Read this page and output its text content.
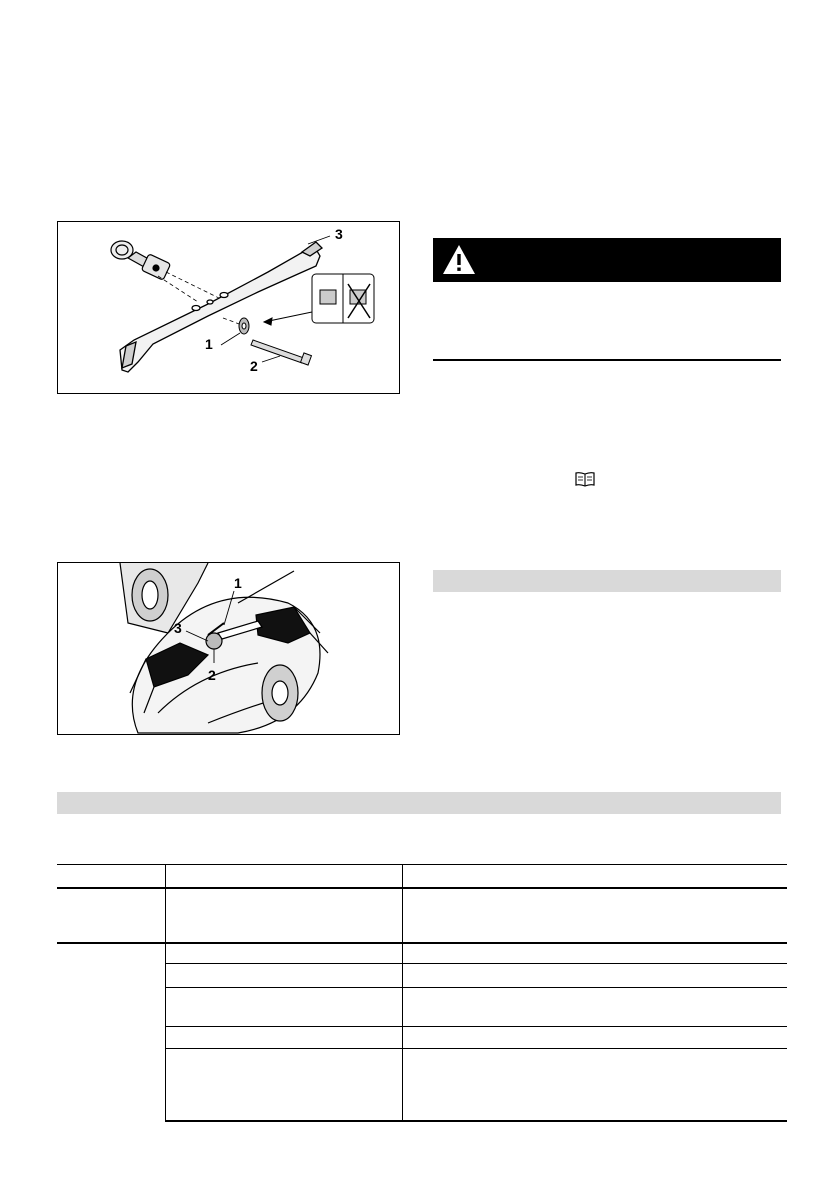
3
1
2
1
3
2
